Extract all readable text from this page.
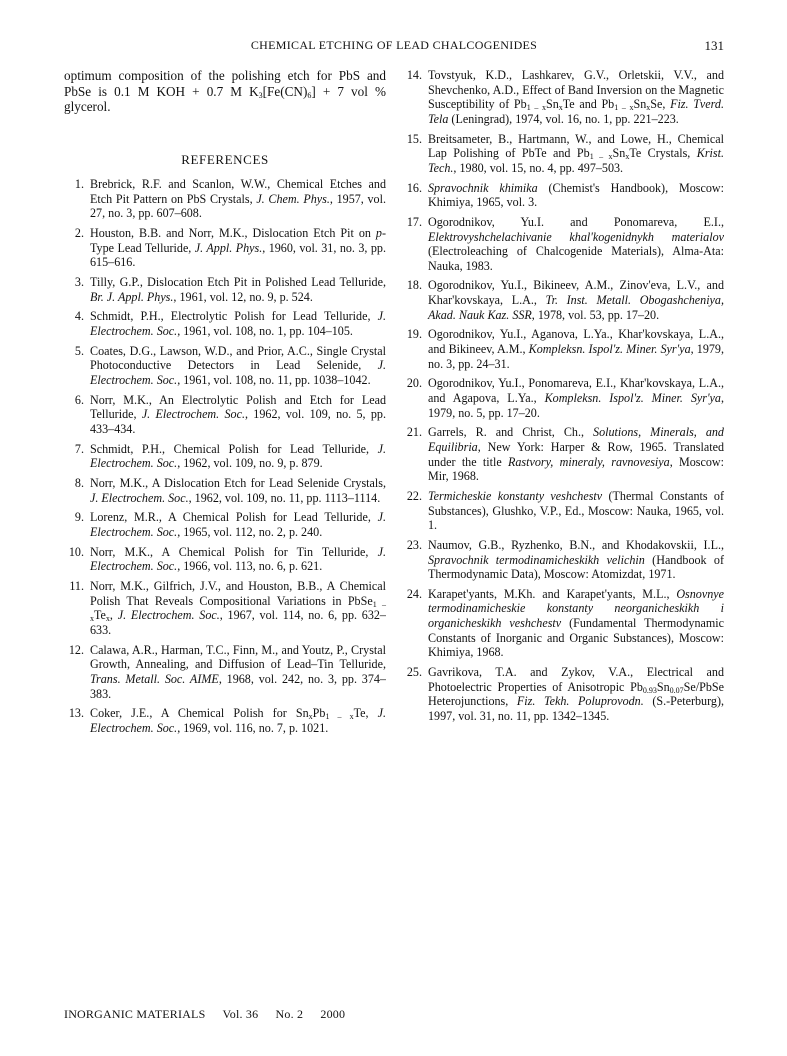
CHEMICAL ETCHING OF LEAD CHALCOGENIDES	131

optimum composition of the polishing etch for PbS and PbSe is 0.1 M KOH + 0.7 M $K_3[Fe(CN)_6] + 7$ vol % glycerol.

REFERENCES
1. Brebrick, R.F. and Scanlon, W.W., Chemical Etches and Etch Pit Pattern on PbS Crystals, J. Chem. Phys., 1957, vol. 27, no. 3, pp. 607–608.
2. Houston, B.B. and Norr, M.K., Dislocation Etch Pit on p-Type Lead Telluride, J. Appl. Phys., 1960, vol. 31, no. 3, pp. 615–616.
3. Tilly, G.P., Dislocation Etch Pit in Polished Lead Telluride, Br. J. Appl. Phys., 1961, vol. 12, no. 9, p. 524.
4. Schmidt, P.H., Electrolytic Polish for Lead Telluride, J. Electrochem. Soc., 1961, vol. 108, no. 1, pp. 104–105.
5. Coates, D.G., Lawson, W.D., and Prior, A.C., Single Crystal Photoconductive Detectors in Lead Selenide, J. Electrochem. Soc., 1961, vol. 108, no. 11, pp. 1038–1042.
6. Norr, M.K., An Electrolytic Polish and Etch for Lead Telluride, J. Electrochem. Soc., 1962, vol. 109, no. 5, pp. 433–434.
7. Schmidt, P.H., Chemical Polish for Lead Telluride, J. Electrochem. Soc., 1962, vol. 109, no. 9, p. 879.
8. Norr, M.K., A Dislocation Etch for Lead Selenide Crystals, J. Electrochem. Soc., 1962, vol. 109, no. 11, pp. 1113–1114.
9. Lorenz, M.R., A Chemical Polish for Lead Telluride, J. Electrochem. Soc., 1965, vol. 112, no. 2, p. 240.
10. Norr, M.K., A Chemical Polish for Tin Telluride, J. Electrochem. Soc., 1966, vol. 113, no. 6, p. 621.
11. Norr, M.K., Gilfrich, J.V., and Houston, B.B., A Chemical Polish That Reveals Compositional Variations in $PbSe_{1 - x}Te_x$, J. Electrochem. Soc., 1967, vol. 114, no. 6, pp. 632–633.
12. Calawa, A.R., Harman, T.C., Finn, M., and Youtz, P., Crystal Growth, Annealing, and Diffusion of Lead–Tin Telluride, Trans. Metall. Soc. AIME, 1968, vol. 242, no. 3, pp. 374–383.
13. Coker, J.E., A Chemical Polish for $Sn_xPb_{1 - x}Te$, J. Electrochem. Soc., 1969, vol. 116, no. 7, p. 1021.
14. Tovstyuk, K.D., Lashkarev, G.V., Orletskii, V.V., and Shevchenko, A.D., Effect of Band Inversion on the Magnetic Susceptibility of $Pb_{1 - x}Sn_xTe$ and $Pb_{1 - x}Sn_xSe$, Fiz. Tverd. Tela (Leningrad), 1974, vol. 16, no. 1, pp. 221–223.
15. Breitsameter, B., Hartmann, W., and Lowe, H., Chemical Lap Polishing of PbTe and $Pb_{1 - x}Sn_xTe$ Crystals, Krist. Tech., 1980, vol. 15, no. 4, pp. 497–503.
16. Spravochnik khimika (Chemist's Handbook), Moscow: Khimiya, 1965, vol. 3.
17. Ogorodnikov, Yu.I. and Ponomareva, E.I., Elektrovyshchelachivanie khal'kogenidnykh materialov (Electroleaching of Chalcogenide Materials), Alma-Ata: Nauka, 1983.
18. Ogorodnikov, Yu.I., Bikineev, A.M., Zinov'eva, L.V., and Khar'kovskaya, L.A., Tr. Inst. Metall. Obogashcheniya, Akad. Nauk Kaz. SSR, 1978, vol. 53, pp. 17–20.
19. Ogorodnikov, Yu.I., Aganova, L.Ya., Khar'kovskaya, L.A., and Bikineev, A.M., Kompleksn. Ispol'z. Miner. Syr'ya, 1979, no. 3, pp. 24–31.
20. Ogorodnikov, Yu.I., Ponomareva, E.I., Khar'kovskaya, L.A., and Agapova, L.Ya., Kompleksn. Ispol'z. Miner. Syr'ya, 1979, no. 5, pp. 17–20.
21. Garrels, R. and Christ, Ch., Solutions, Minerals, and Equilibria, New York: Harper & Row, 1965. Translated under the title Rastvory, mineraly, ravnovesiya, Moscow: Mir, 1968.
22. Termicheskie konstanty veshchestv (Thermal Constants of Substances), Glushko, V.P., Ed., Moscow: Nauka, 1965, vol. 1.
23. Naumov, G.B., Ryzhenko, B.N., and Khodakovskii, I.L., Spravochnik termodinamicheskikh velichin (Handbook of Thermodynamic Data), Moscow: Atomizdat, 1971.
24. Karapet'yants, M.Kh. and Karapet'yants, M.L., Osnovnye termodinamicheskie konstanty neorganicheskikh i organicheskikh veshchestv (Fundamental Thermodynamic Constants of Inorganic and Organic Substances), Moscow: Khimiya, 1968.
25. Gavrikova, T.A. and Zykov, V.A., Electrical and Photoelectric Properties of Anisotropic $Pb_{0.93}Sn_{0.07}Se$/PbSe Heterojunctions, Fiz. Tekh. Poluprovodn. (S.-Peterburg), 1997, vol. 31, no. 11, pp. 1342–1345.
INORGANIC MATERIALS Vol. 36 No. 2 2000
